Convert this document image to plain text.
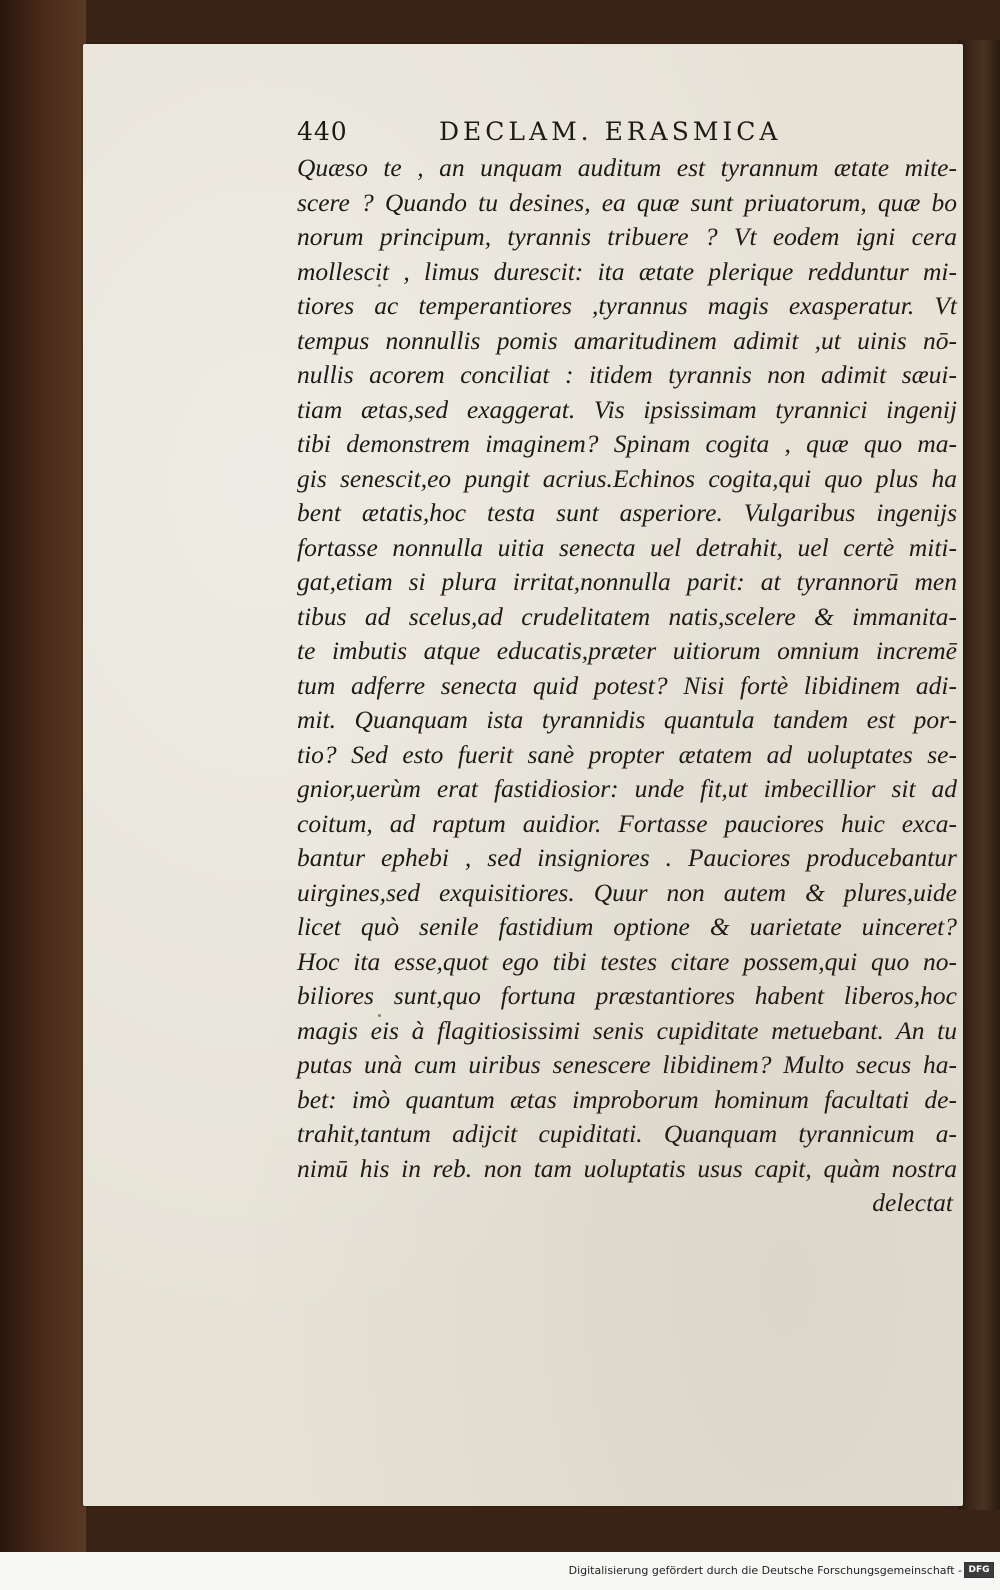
440	DECLAM. ERASMICA
Quæso te , an unquam auditum est tyrannum ætate mite-
scere ? Quando tu desines, ea quæ sunt priuatorum, quæ bo
norum principum, tyrannis tribuere ? Vt eodem igni cera
mollescit , limus durescit: ita ætate plerique redduntur mi-
tiores ac temperantiores ,tyrannus magis exasperatur. Vt
tempus nonnullis pomis amaritudinem adimit ,ut uinis nō-
nullis acorem conciliat : itidem tyrannis non adimit sæui-
tiam ætas,sed exaggerat. Vis ipsissimam tyrannici ingenij
tibi demonstrem imaginem? Spinam cogita , quæ quo ma-
gis senescit,eo pungit acrius.Echinos cogita,qui quo plus ha
bent ætatis,hoc testa sunt asperiore. Vulgaribus ingenijs
fortasse nonnulla uitia senecta uel detrahit, uel certè miti-
gat,etiam si plura irritat,nonnulla parit: at tyrannorū men
tibus ad scelus,ad crudelitatem natis,scelere & immanita-
te imbutis atque educatis,præter uitiorum omnium incremē
tum adferre senecta quid potest? Nisi fortè libidinem adi-
mit. Quanquam ista tyrannidis quantula tandem est por-
tio? Sed esto fuerit sanè propter ætatem ad uoluptates se-
gnior,uerùm erat fastidiosior: unde fit,ut imbecillior sit ad
coitum, ad raptum auidior. Fortasse pauciores huic exca-
bantur ephebi , sed insigniores . Pauciores producebantur
uirgines,sed exquisitiores. Quur non autem & plures,uide
licet quò senile fastidium optione & uarietate uinceret?
Hoc ita esse,quot ego tibi testes citare possem,qui quo no-
biliores sunt,quo fortuna præstantiores habent liberos,hoc
magis eis à flagitiosissimi senis cupiditate metuebant. An tu
putas unà cum uiribus senescere libidinem? Multo secus ha-
bet: imò quantum ætas improborum hominum facultati de-
trahit,tantum adijcit cupiditati. Quanquam tyrannicum a-
nimū his in reb. non tam uoluptatis usus capit, quàm nostra
delectat
Digitalisierung gefördert durch die Deutsche Forschungsgemeinschaft - DFG
